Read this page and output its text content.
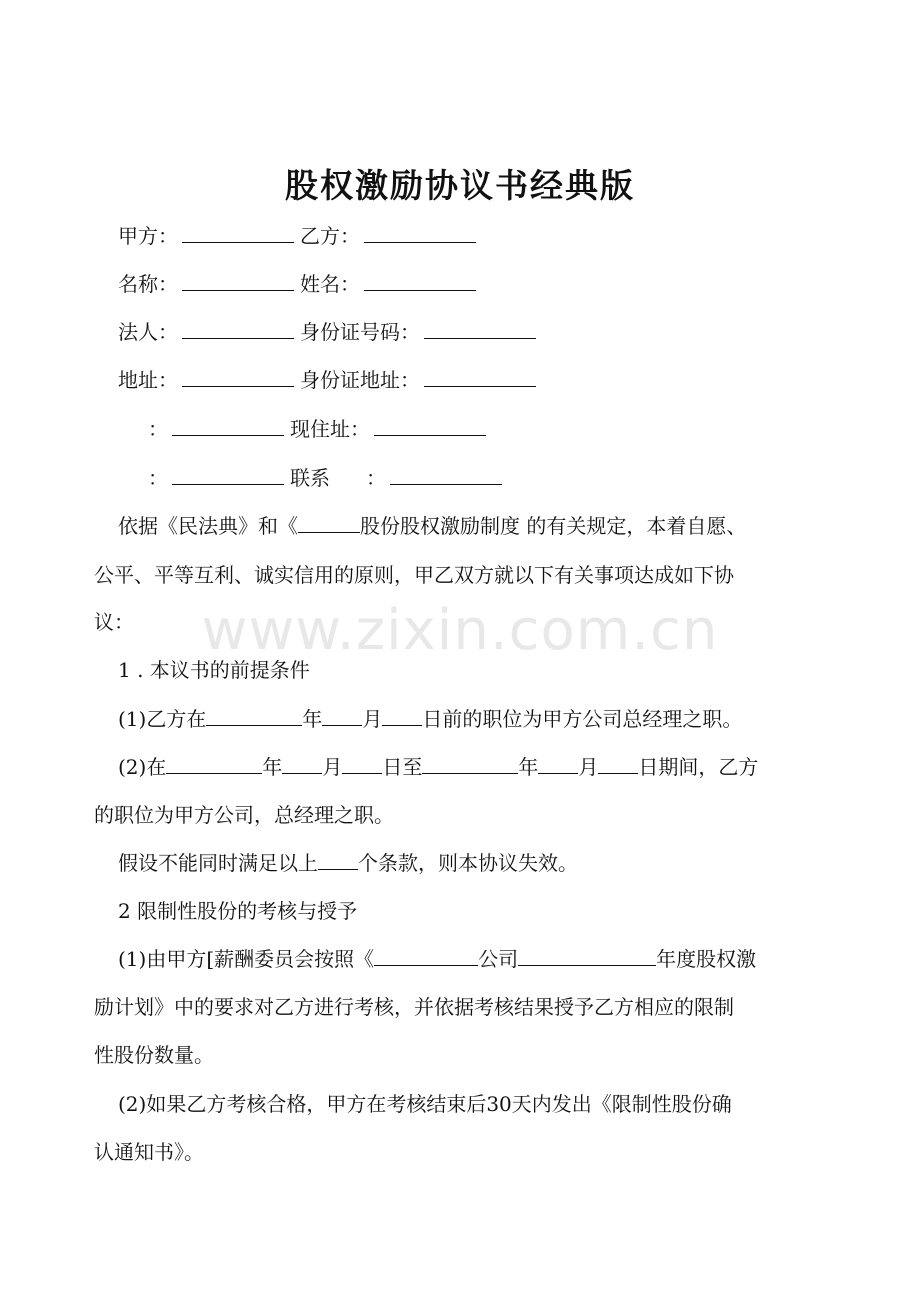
www.zixin.com.cn
股权激励协议书经典版

甲方：	乙方：

名称：	姓名：

法人：	身份证号码：

地址：	身份证地址：

：	现住址：

：	联系 ：

依据《民法典》和《	股份股权激励制度 的有关规定，本着自愿、

公平、平等互利、诚实信用的原则，甲乙双方就以下有关事项达成如下协

议：

1 . 本议书的前提条件

(1)乙方在	年 月 日前的职位为甲方公司总经理之职。

(2)在	年 月 日至	年 月 日期间，乙方

的职位为甲方公司，总经理之职。

假设不能同时满足以上 个条款，则本协议失效。

2 限制性股份的考核与授予

(1)由甲方[薪酬委员会按照《	公司	年度股权激

励计划》中的要求对乙方进行考核，并依据考核结果授予乙方相应的限制

性股份数量。

(2)如果乙方考核合格，甲方在考核结束后30天内发出《限制性股份确

认通知书》。
